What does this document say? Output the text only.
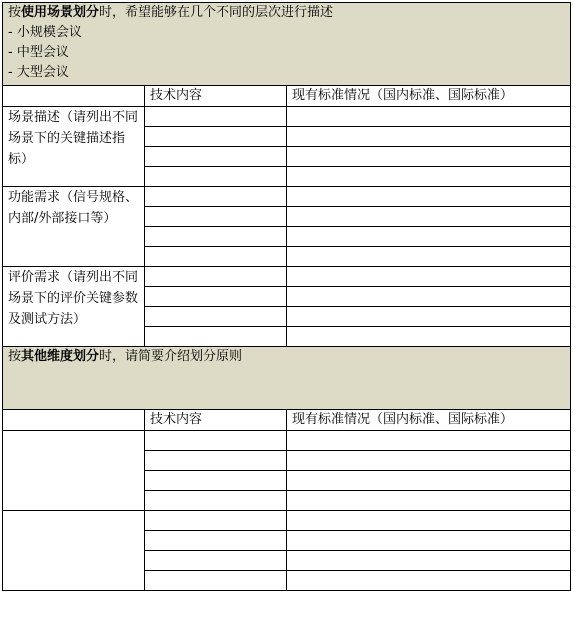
按使用场景划分时，希望能够在几个不同的层次进行描述
- 小规模会议
- 中型会议
- 大型会议		

	技术内容	现有标准情况（国内标准、国际标准）
场景描述（请列出不同场景下的关键描述指标）		

功能需求（信号规格、内部/外部接口等）		

评价需求（请列出不同场景下的评价关键参数及测试方法）		

按其他维度划分时，请简要介绍划分原则		

	技术内容	现有标准情况（国内标准、国际标准）
